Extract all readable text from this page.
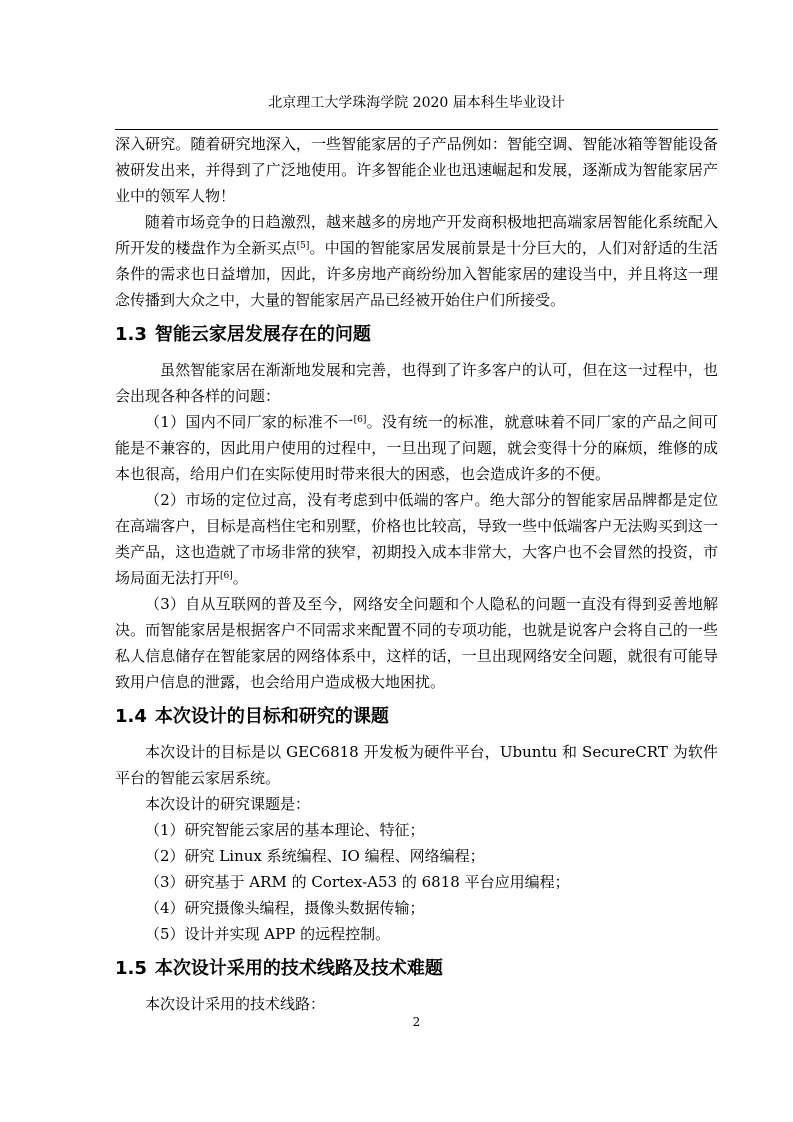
北京理工大学珠海学院 2020 届本科生毕业设计

深入研究。随着研究地深入，一些智能家居的子产品例如：智能空调、智能冰箱等智能设备被研发出来，并得到了广泛地使用。许多智能企业也迅速崛起和发展，逐渐成为智能家居产业中的领军人物！

随着市场竞争的日趋激烈，越来越多的房地产开发商积极地把高端家居智能化系统配入所开发的楼盘作为全新买点[5]。中国的智能家居发展前景是十分巨大的，人们对舒适的生活条件的需求也日益增加，因此，许多房地产商纷纷加入智能家居的建设当中，并且将这一理念传播到大众之中，大量的智能家居产品已经被开始住户们所接受。

1.3 智能云家居发展存在的问题

虽然智能家居在渐渐地发展和完善，也得到了许多客户的认可，但在这一过程中，也会出现各种各样的问题：

（1）国内不同厂家的标准不一[6]。没有统一的标准，就意味着不同厂家的产品之间可能是不兼容的，因此用户使用的过程中，一旦出现了问题，就会变得十分的麻烦，维修的成本也很高，给用户们在实际使用时带来很大的困惑，也会造成许多的不便。

（2）市场的定位过高，没有考虑到中低端的客户。绝大部分的智能家居品牌都是定位在高端客户，目标是高档住宅和别墅，价格也比较高，导致一些中低端客户无法购买到这一类产品，这也造就了市场非常的狭窄，初期投入成本非常大，大客户也不会冒然的投资，市场局面无法打开[6]。

（3）自从互联网的普及至今，网络安全问题和个人隐私的问题一直没有得到妥善地解决。而智能家居是根据客户不同需求来配置不同的专项功能，也就是说客户会将自己的一些私人信息储存在智能家居的网络体系中，这样的话，一旦出现网络安全问题，就很有可能导致用户信息的泄露，也会给用户造成极大地困扰。

1.4 本次设计的目标和研究的课题

本次设计的目标是以 GEC6818 开发板为硬件平台，Ubuntu 和 SecureCRT 为软件平台的智能云家居系统。

本次设计的研究课题是：

（1）研究智能云家居的基本理论、特征；

（2）研究 Linux 系统编程、IO 编程、网络编程；

（3）研究基于 ARM 的 Cortex-A53 的 6818 平台应用编程；

（4）研究摄像头编程，摄像头数据传输；

（5）设计并实现 APP 的远程控制。

1.5 本次设计采用的技术线路及技术难题

本次设计采用的技术线路：

2
